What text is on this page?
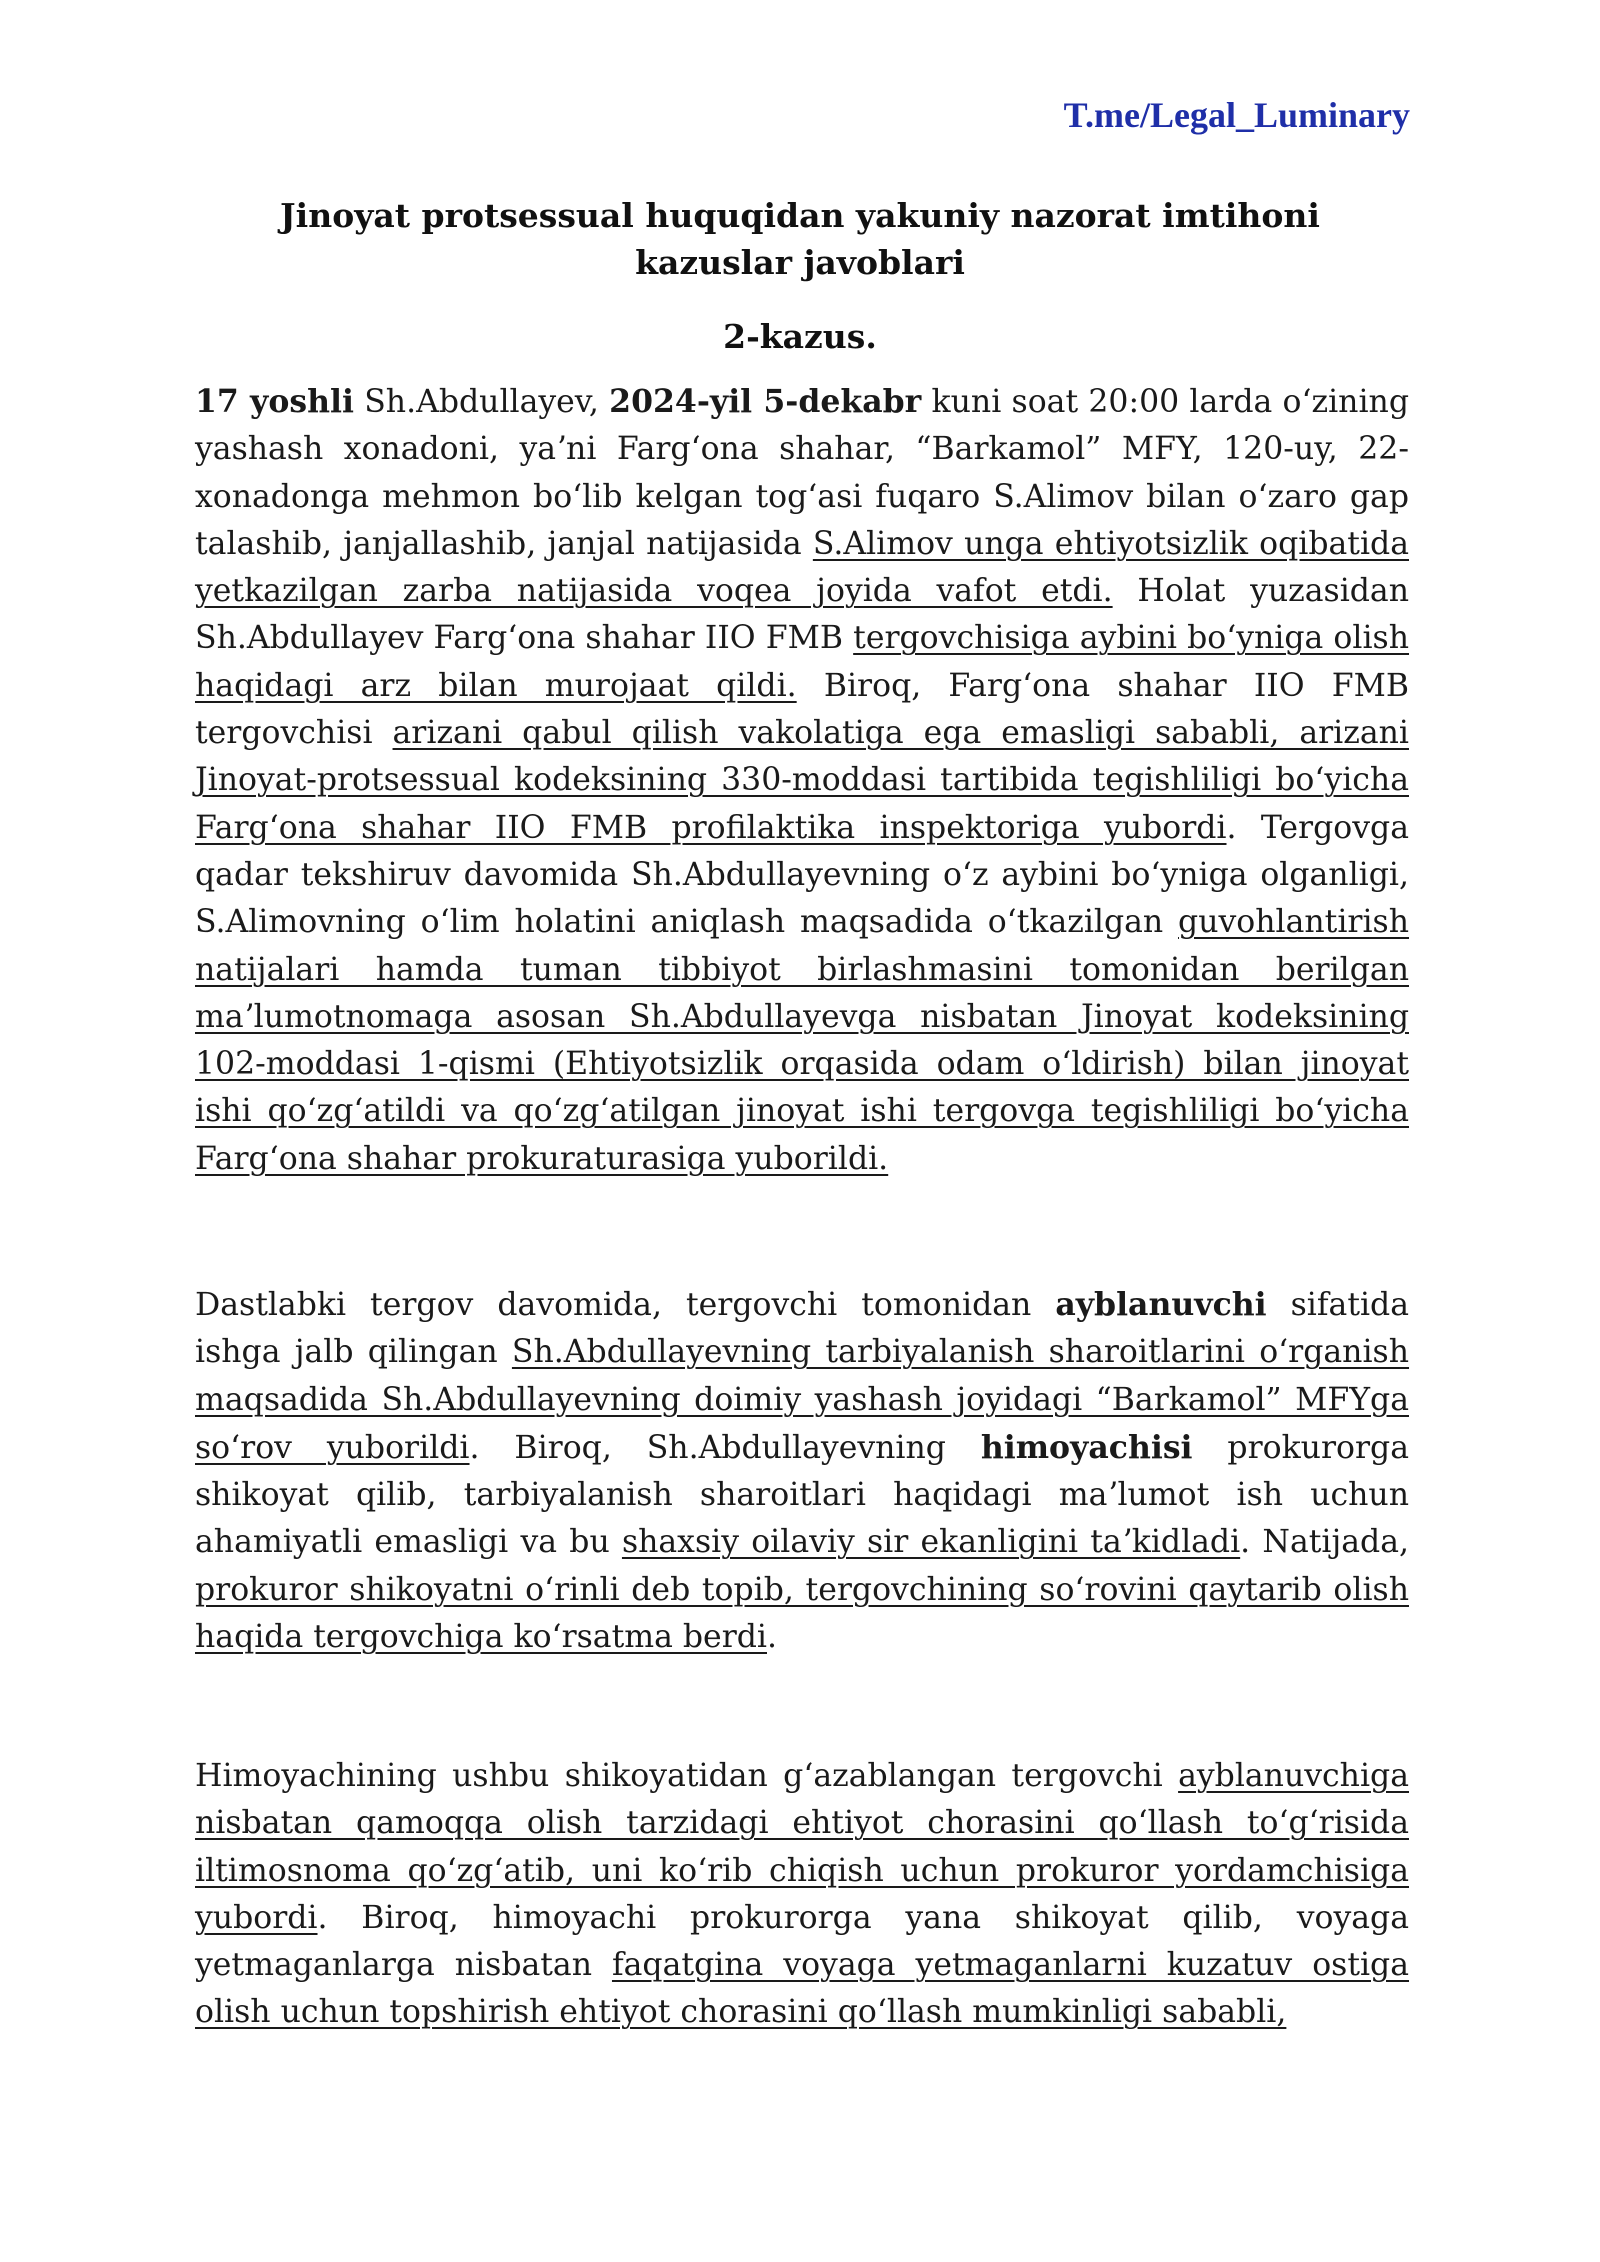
T.me/Legal_Luminary
Jinoyat protsessual huquqidan yakuniy nazorat imtihoni kazuslar javoblari
2-kazus.

17 yoshli Sh.Abdullayev, 2024-yil 5-dekabr kuni soat 20:00 larda oʻzining yashash xonadoni, yaʼni Fargʻona shahar, “Barkamol” MFY, 120-uy, 22-xonadonga mehmon boʻlib kelgan togʻasi fuqaro S.Alimov bilan oʻzaro gap talashib, janjallashib, janjal natijasida S.Alimov unga ehtiyotsizlik oqibatida yetkazilgan zarba natijasida voqea joyida vafot etdi. Holat yuzasidan Sh.Abdullayev Fargʻona shahar IIO FMB tergovchisiga aybini boʻyniga olish haqidagi arz bilan murojaat qildi. Biroq, Fargʻona shahar IIO FMB tergovchisi arizani qabul qilish vakolatiga ega emasligi sababli, arizani Jinoyat-protsessual kodeksining 330-moddasi tartibida tegishliligi boʻyicha Fargʻona shahar IIO FMB profilaktika inspektoriga yubordi. Tergovga qadar tekshiruv davomida Sh.Abdullayevning oʻz aybini boʻyniga olganligi, S.Alimovning oʻlim holatini aniqlash maqsadida oʻtkazilgan guvohlantirish natijalari hamda tuman tibbiyot birlashmasini tomonidan berilgan maʼlumotnomaga asosan Sh.Abdullayevga nisbatan Jinoyat kodeksining 102-moddasi 1-qismi (Ehtiyotsizlik orqasida odam oʻldirish) bilan jinoyat ishi qoʻzgʻatildi va qoʻzgʻatilgan jinoyat ishi tergovga tegishliligi boʻyicha Fargʻona shahar prokuraturasiga yuborildi.

Dastlabki tergov davomida, tergovchi tomonidan ayblanuvchi sifatida ishga jalb qilingan Sh.Abdullayevning tarbiyalanish sharoitlarini oʻrganish maqsadida Sh.Abdullayevning doimiy yashash joyidagi “Barkamol” MFYga soʻrov yuborildi. Biroq, Sh.Abdullayevning himoyachisi prokurorga shikoyat qilib, tarbiyalanish sharoitlari haqidagi maʼlumot ish uchun ahamiyatli emasligi va bu shaxsiy oilaviy sir ekanligini taʼkidladi. Natijada, prokuror shikoyatni oʻrinli deb topib, tergovchining soʻrovini qaytarib olish haqida tergovchiga koʻrsatma berdi.

Himoyachining ushbu shikoyatidan gʻazablangan tergovchi ayblanuvchiga nisbatan qamoqqa olish tarzidagi ehtiyot chorasini qoʻllash toʻgʻrisida iltimosnoma qoʻzgʻatib, uni koʻrib chiqish uchun prokuror yordamchisiga yubordi. Biroq, himoyachi prokurorga yana shikoyat qilib, voyaga yetmaganlarga nisbatan faqatgina voyaga yetmaganlarni kuzatuv ostiga olish uchun topshirish ehtiyot chorasini qoʻllash mumkinligi sababli,
